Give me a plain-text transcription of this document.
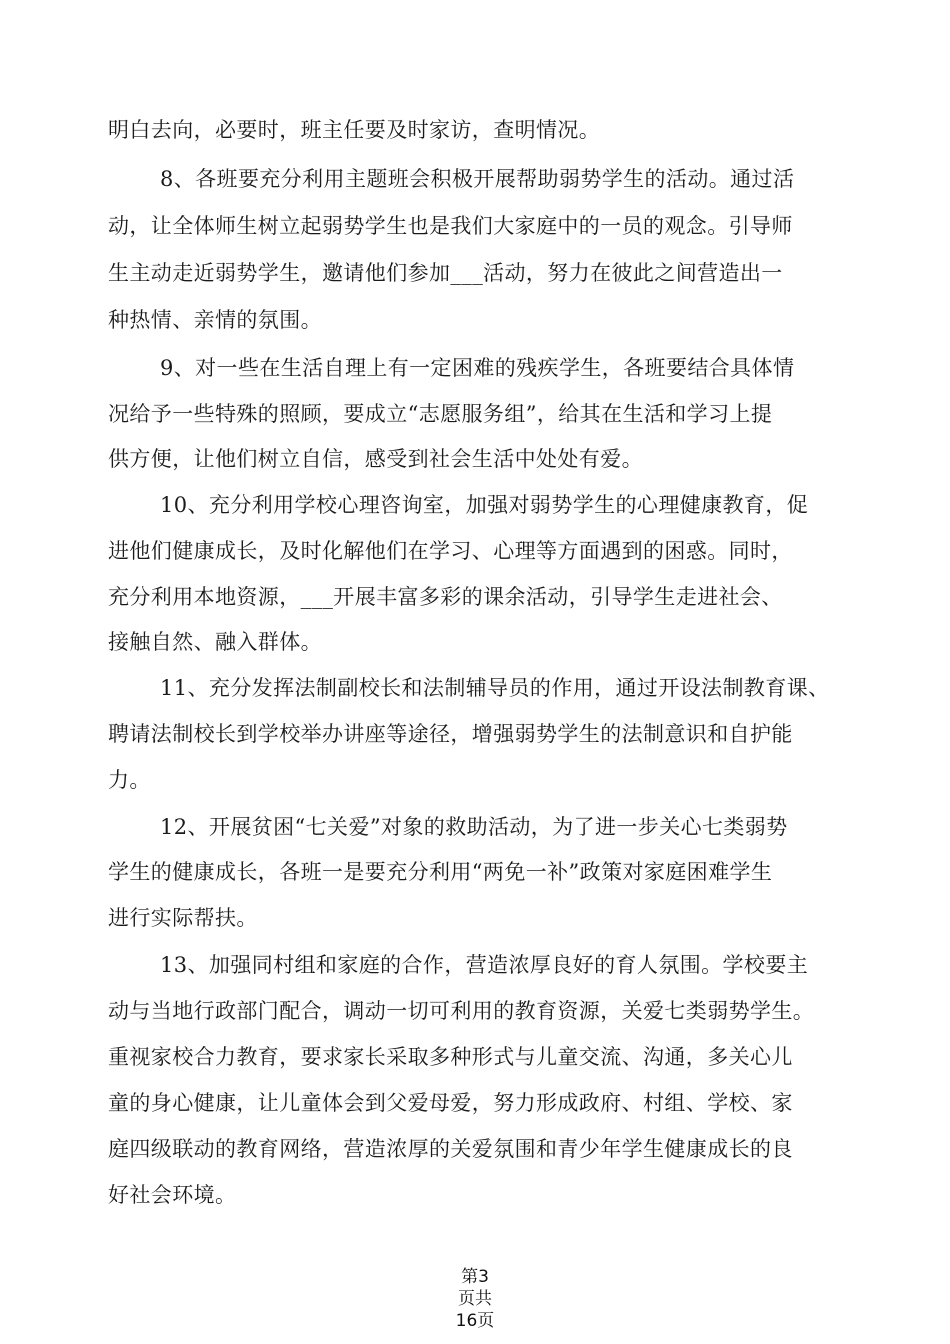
明白去向，必要时，班主任要及时家访，查明情况。
8、各班要充分利用主题班会积极开展帮助弱势学生的活动。通过活
动，让全体师生树立起弱势学生也是我们大家庭中的一员的观念。引导师
生主动走近弱势学生，邀请他们参加___活动，努力在彼此之间营造出一
种热情、亲情的氛围。
9、对一些在生活自理上有一定困难的残疾学生，各班要结合具体情
况给予一些特殊的照顾，要成立“志愿服务组”，给其在生活和学习上提
供方便，让他们树立自信，感受到社会生活中处处有爱。
10、充分利用学校心理咨询室，加强对弱势学生的心理健康教育，促
进他们健康成长，及时化解他们在学习、心理等方面遇到的困惑。同时，
充分利用本地资源，___开展丰富多彩的课余活动，引导学生走进社会、
接触自然、融入群体。
11、充分发挥法制副校长和法制辅导员的作用，通过开设法制教育课、
聘请法制校长到学校举办讲座等途径，增强弱势学生的法制意识和自护能
力。
12、开展贫困“七关爱”对象的救助活动，为了进一步关心七类弱势
学生的健康成长，各班一是要充分利用“两免一补”政策对家庭困难学生
进行实际帮扶。
13、加强同村组和家庭的合作，营造浓厚良好的育人氛围。学校要主
动与当地行政部门配合，调动一切可利用的教育资源，关爱七类弱势学生。
重视家校合力教育，要求家长采取多种形式与儿童交流、沟通，多关心儿
童的身心健康，让儿童体会到父爱母爱，努力形成政府、村组、学校、家
庭四级联动的教育网络，营造浓厚的关爱氛围和青少年学生健康成长的良
好社会环境。
第3
页共
16页
